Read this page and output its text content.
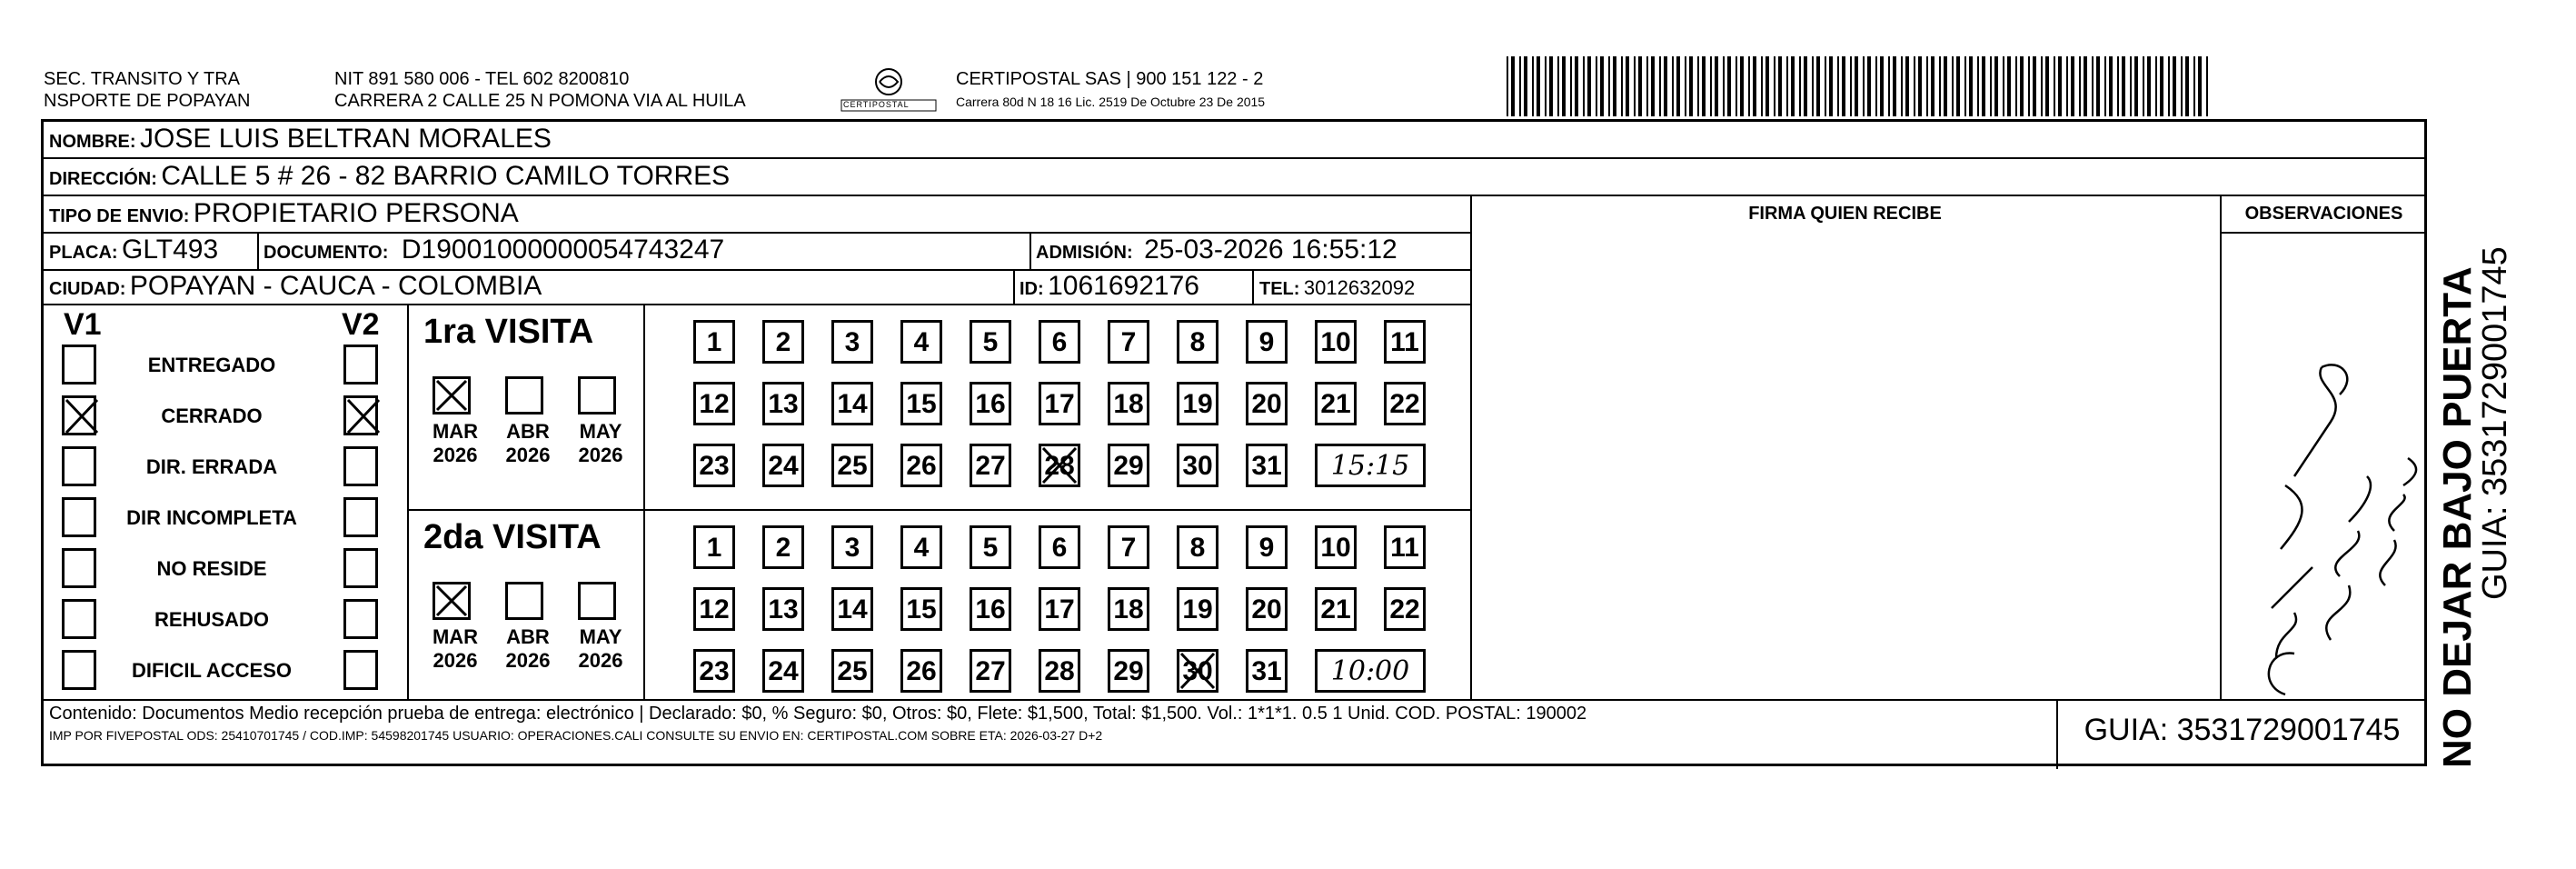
SEC. TRANSITO Y TRA
NSPORTE DE POPAYAN
NIT 891 580 006 - TEL 602 8200810
CARRERA 2 CALLE 25 N POMONA VIA AL HUILA	CERTIPOSTAL
CERTIPOSTAL SAS | 900 151 122 - 2
Carrera 80d N 18 16 Lic. 2519 De Octubre 23 De 2015
NOMBRE: JOSE LUIS BELTRAN MORALES
DIRECCIÓN: CALLE 5 # 26 - 82 BARRIO CAMILO TORRES
TIPO DE ENVIO: PROPIETARIO PERSONA	FIRMA QUIEN RECIBE	OBSERVACIONES
PLACA: GLT493 DOCUMENTO: D19001000000054743247	ADMISIÓN: 25-03-2026 16:55:12
CIUDAD: POPAYAN - CAUCA - COLOMBIA	ID: 1061692176	TEL: 3012632092
V1	V2
ENTREGADO
CERRADO
DIR. ERRADA
DIR INCOMPLETA
NO RESIDE
REHUSADO
DIFICIL ACCESO
1ra VISITA
MAR
2026
ABR
2026
MAY
2026
1	2	3	4	5	6	7	8	9	10 11
12 13 14 15 16 17 18 19 20 21 22
23 24 25 26 27 28 29 30 31	15:15
2da VISITA
MAR
2026
ABR
2026
MAY
2026
1	2	3	4	5	6	7	8	9	10 11
12 13 14 15 16 17 18 19 20 21 22
23 24 25 26 27 28 29 30 31	10:00
Contenido: Documentos Medio recepción prueba de entrega: electrónico | Declarado: $0, % Seguro: $0, Otros: $0, Flete: $1,500, Total: $1,500. Vol.: 1*1*1. 0.5 1 Unid. COD. POSTAL: 190002
IMP POR FIVEPOSTAL ODS: 25410701745 / COD.IMP: 54598201745 USUARIO: OPERACIONES.CALI CONSULTE SU ENVIO EN: CERTIPOSTAL.COM SOBRE ETA: 2026-03-27 D+2	GUIA: 3531729001745 NO DEJAR BAJO PUERTA
GUIA: 3531729001745
